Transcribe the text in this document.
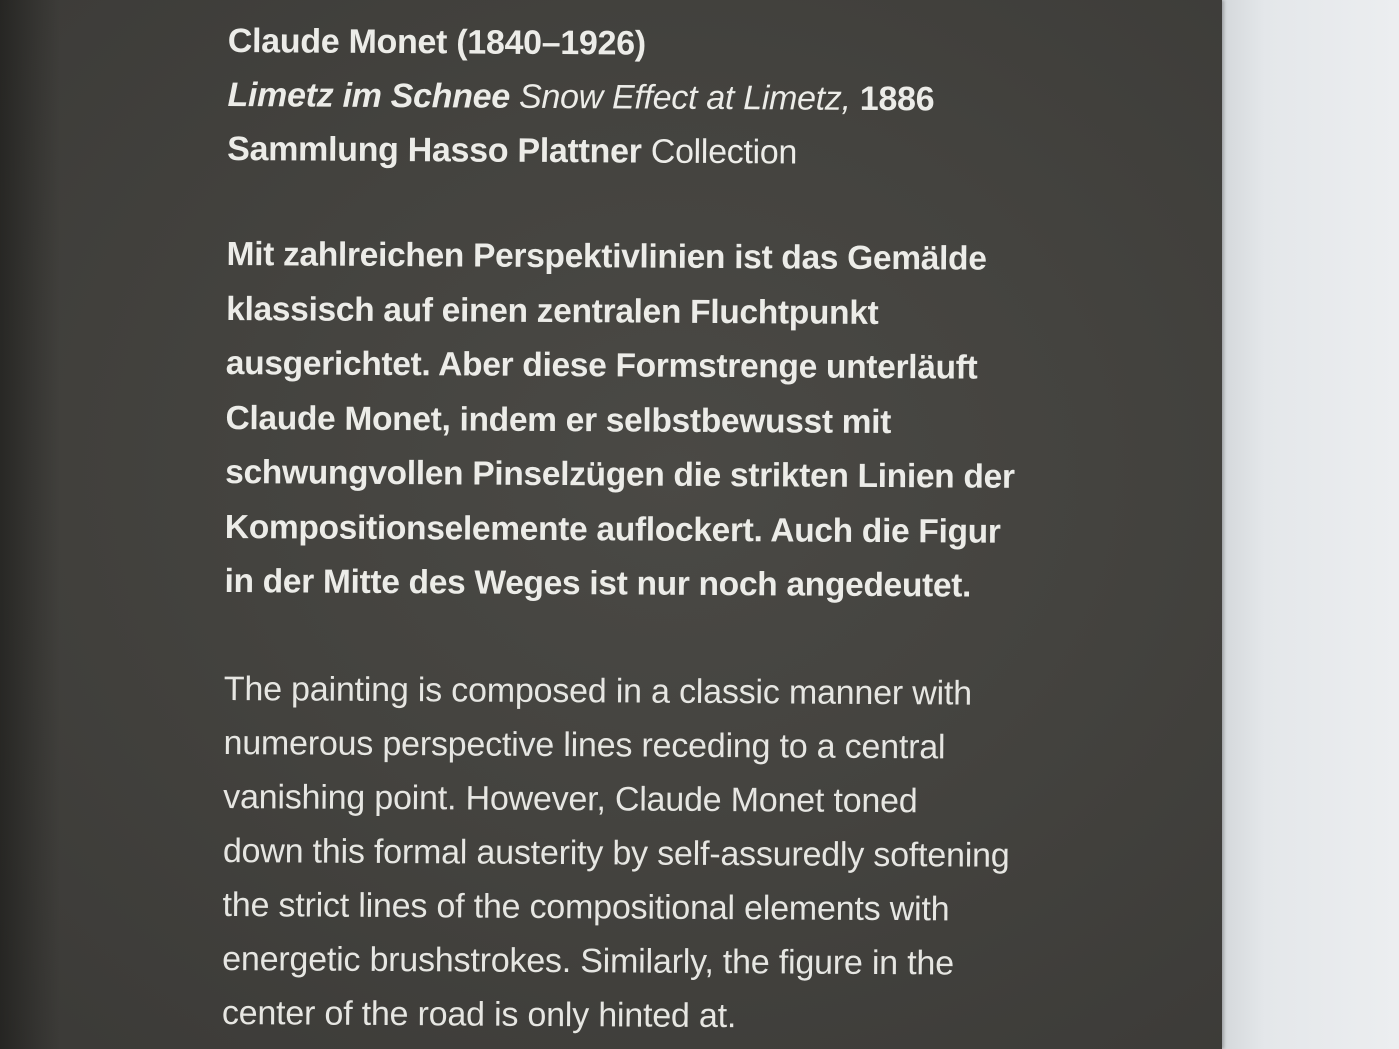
Claude Monet (1840–1926)
Limetz im Schnee Snow Effect at Limetz, 1886
Sammlung Hasso Plattner Collection
Mit zahlreichen Perspektivlinien ist das Gemälde
klassisch auf einen zentralen Fluchtpunkt
ausgerichtet. Aber diese Formstrenge unterläuft
Claude Monet, indem er selbstbewusst mit
schwungvollen Pinselzügen die strikten Linien der
Kompositionselemente auflockert. Auch die Figur
in der Mitte des Weges ist nur noch angedeutet.
The painting is composed in a classic manner with
numerous perspective lines receding to a central
vanishing point. However, Claude Monet toned
down this formal austerity by self-assuredly softening
the strict lines of the compositional elements with
energetic brushstrokes. Similarly, the figure in the
center of the road is only hinted at.
